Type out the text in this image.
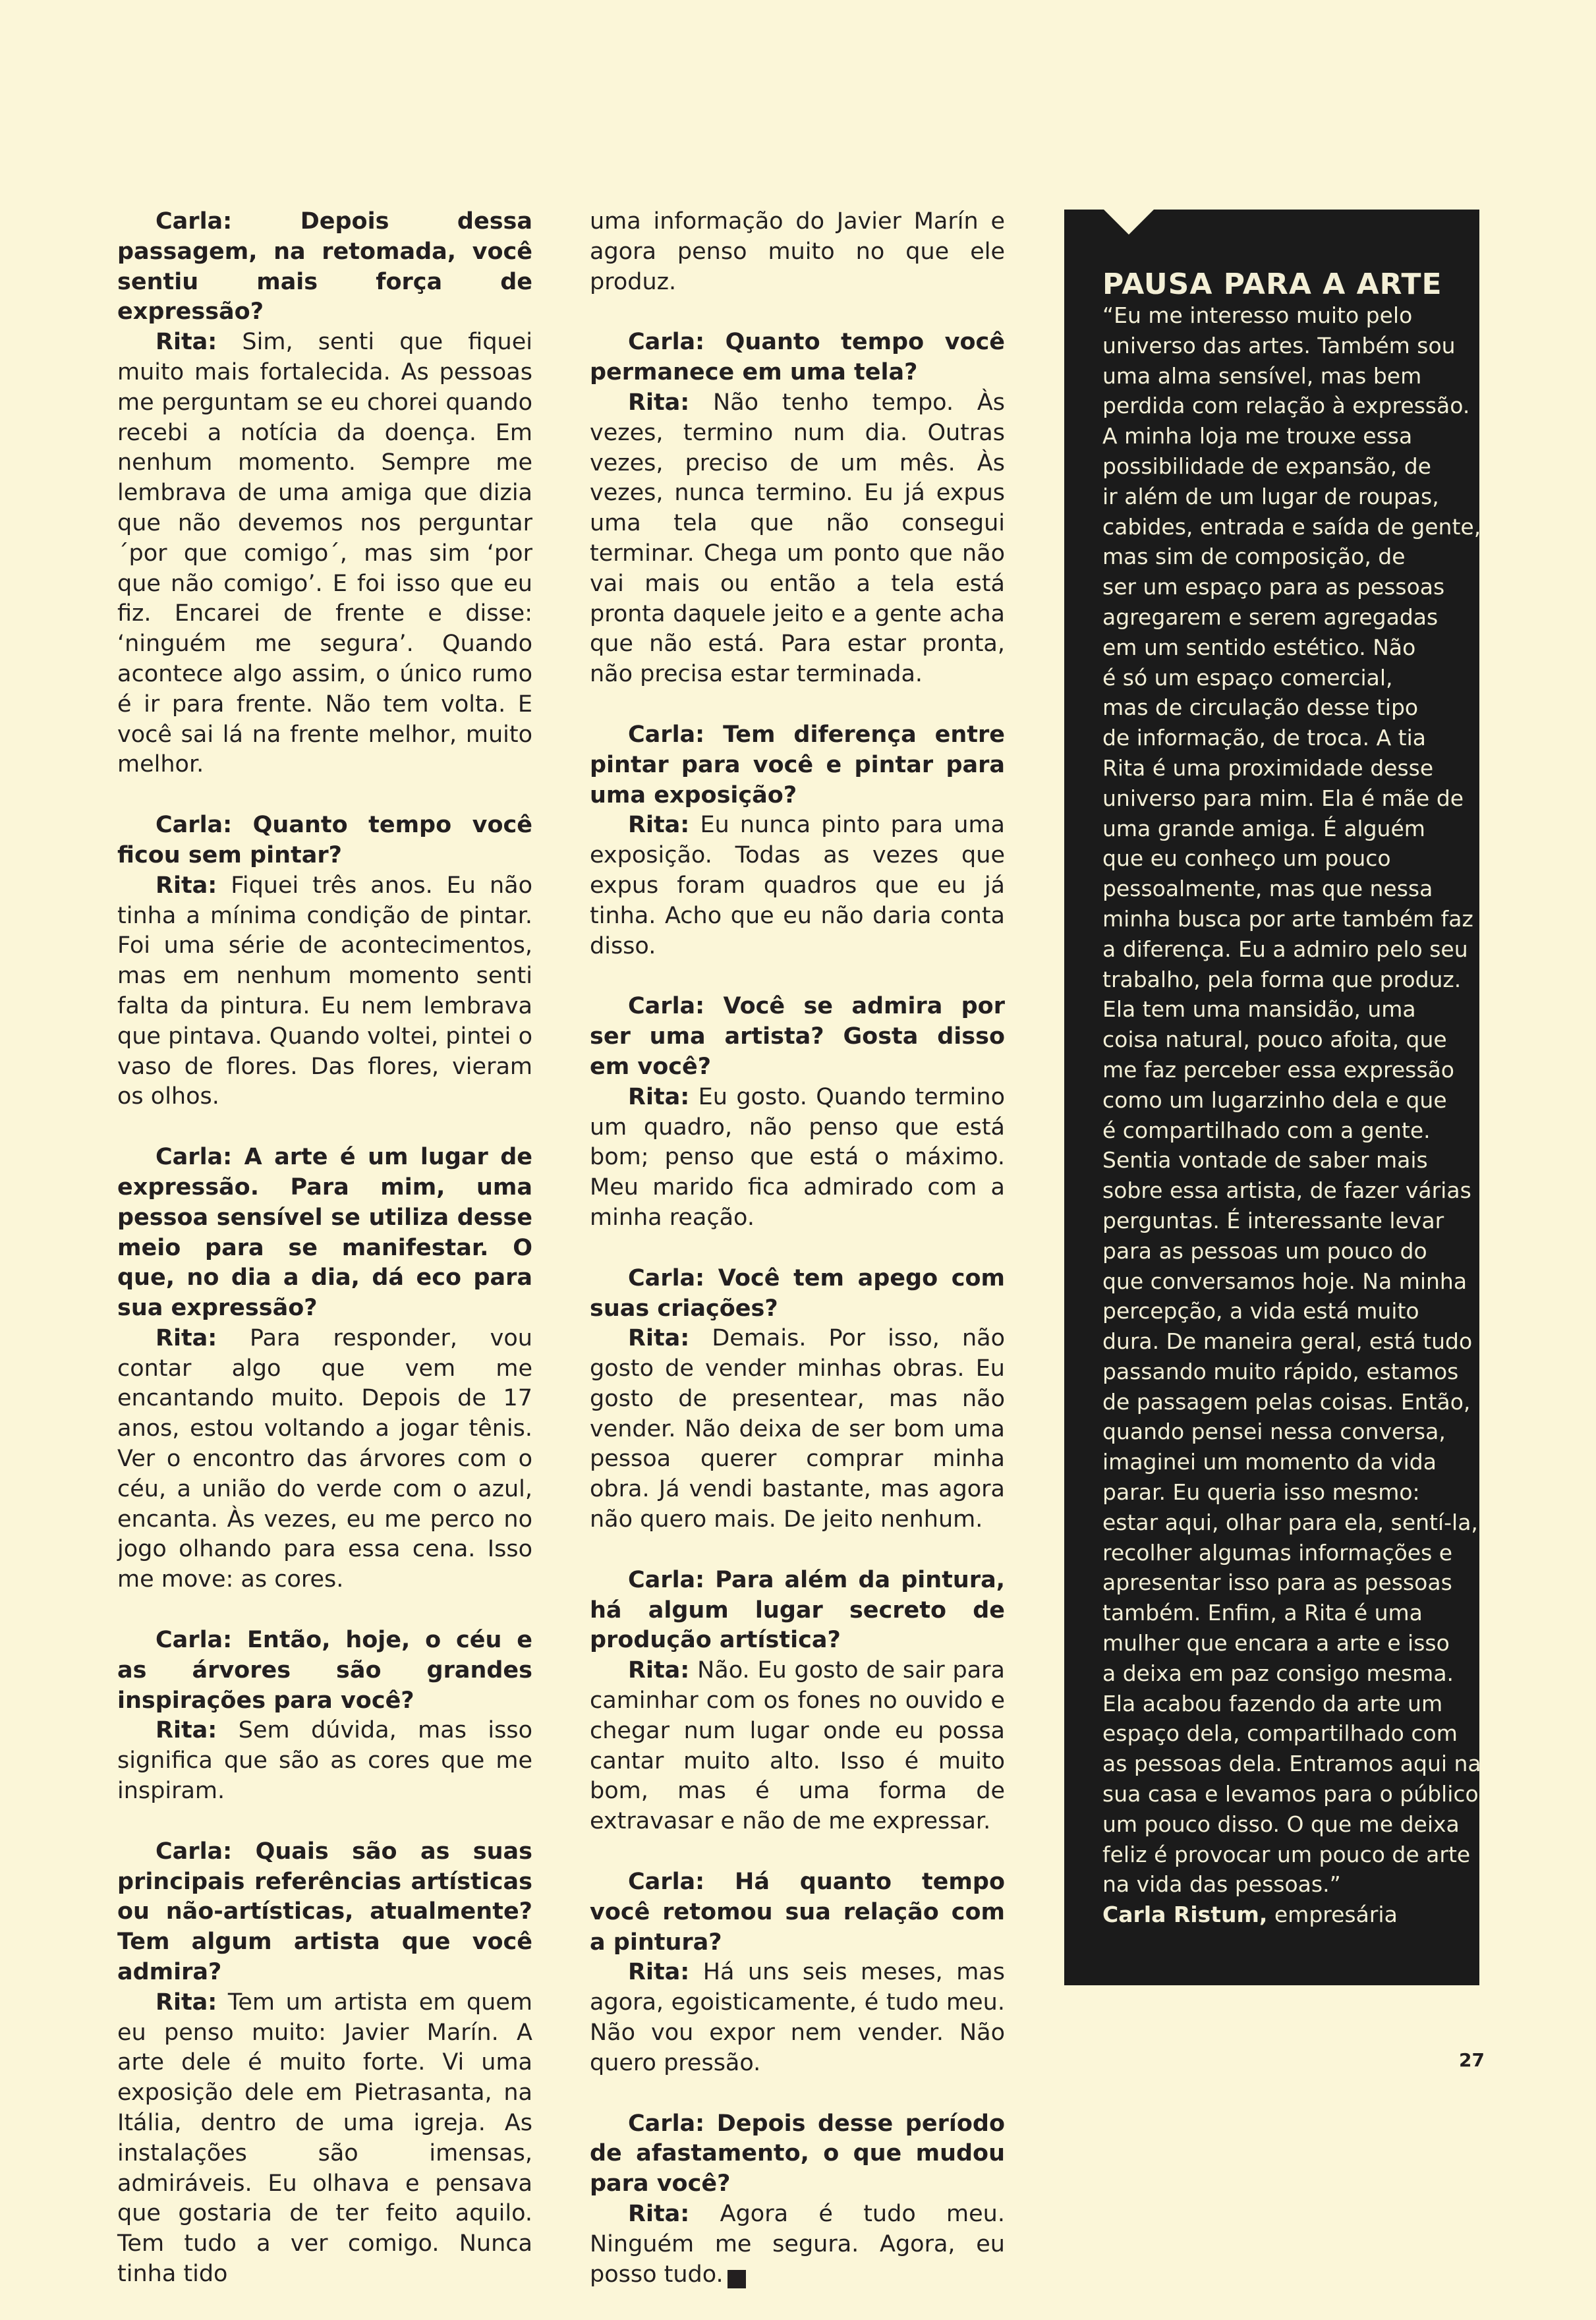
Carla: Depois dessa passagem, na retomada, você sentiu mais força de expressão?

Rita: Sim, senti que fiquei muito mais fortalecida. As pessoas me perguntam se eu chorei quando recebi a notícia da doença. Em nenhum momento. Sempre me lembrava de uma amiga que dizia que não devemos nos perguntar ´por que comigo´, mas sim ‘por que não comigo’. E foi isso que eu fiz. Encarei de frente e disse: ‘ninguém me segura’. Quando acontece algo assim, o único rumo é ir para frente. Não tem volta. E você sai lá na frente melhor, muito melhor.

Carla: Quanto tempo você ficou sem pintar?

Rita: Fiquei três anos. Eu não tinha a mínima condição de pintar. Foi uma série de acontecimentos, mas em nenhum momento senti falta da pintura. Eu nem lembrava que pintava. Quando voltei, pintei o vaso de flores. Das flores, vieram os olhos.

Carla: A arte é um lugar de expressão. Para mim, uma pessoa sensível se utiliza desse meio para se manifestar. O que, no dia a dia, dá eco para sua expressão?

Rita: Para responder, vou contar algo que vem me encantando muito. Depois de 17 anos, estou voltando a jogar tênis. Ver o encontro das árvores com o céu, a união do verde com o azul, encanta. Às vezes, eu me perco no jogo olhando para essa cena. Isso me move: as cores.

Carla: Então, hoje, o céu e as árvores são grandes inspirações para você?

Rita: Sem dúvida, mas isso significa que são as cores que me inspiram.

Carla: Quais são as suas principais referências artísticas ou não-artísticas, atualmente? Tem algum artista que você admira?

Rita: Tem um artista em quem eu penso muito: Javier Marín. A arte dele é muito forte. Vi uma exposição dele em Pietrasanta, na Itália, dentro de uma igreja. As instalações são imensas, admiráveis. Eu olhava e pensava que gostaria de ter feito aquilo. Tem tudo a ver comigo. Nunca tinha tido

uma informação do Javier Marín e agora penso muito no que ele produz.

Carla: Quanto tempo você permanece em uma tela?

Rita: Não tenho tempo. Às vezes, termino num dia. Outras vezes, preciso de um mês. Às vezes, nunca termino. Eu já expus uma tela que não consegui terminar. Chega um ponto que não vai mais ou então a tela está pronta daquele jeito e a gente acha que não está. Para estar pronta, não precisa estar terminada.

Carla: Tem diferença entre pintar para você e pintar para uma exposição?

Rita: Eu nunca pinto para uma exposição. Todas as vezes que expus foram quadros que eu já tinha. Acho que eu não daria conta disso.

Carla: Você se admira por ser uma artista? Gosta disso em você?

Rita: Eu gosto. Quando termino um quadro, não penso que está bom; penso que está o máximo. Meu marido fica admirado com a minha reação.

Carla: Você tem apego com suas criações?

Rita: Demais. Por isso, não gosto de vender minhas obras. Eu gosto de presentear, mas não vender. Não deixa de ser bom uma pessoa querer comprar minha obra. Já vendi bastante, mas agora não quero mais. De jeito nenhum.

Carla: Para além da pintura, há algum lugar secreto de produção artística?

Rita: Não. Eu gosto de sair para caminhar com os fones no ouvido e chegar num lugar onde eu possa cantar muito alto. Isso é muito bom, mas é uma forma de extravasar e não de me expressar.

Carla: Há quanto tempo você retomou sua relação com a pintura?

Rita: Há uns seis meses, mas agora, egoisticamente, é tudo meu. Não vou expor nem vender. Não quero pressão.

Carla: Depois desse período de afastamento, o que mudou para você?

Rita: Agora é tudo meu. Ninguém me segura. Agora, eu posso tudo.	r

PAUSA PARA A ARTE

“Eu me interesso muito pelo
universo das artes. Também sou
uma alma sensível, mas bem
perdida com relação à expressão.
A minha loja me trouxe essa
possibilidade de expansão, de
ir além de um lugar de roupas,
cabides, entrada e saída de gente,
mas sim de composição, de
ser um espaço para as pessoas
agregarem e serem agregadas
em um sentido estético. Não
é só um espaço comercial,
mas de circulação desse tipo
de informação, de troca. A tia
Rita é uma proximidade desse
universo para mim. Ela é mãe de
uma grande amiga. É alguém
que eu conheço um pouco
pessoalmente, mas que nessa
minha busca por arte também faz
a diferença. Eu a admiro pelo seu
trabalho, pela forma que produz.
Ela tem uma mansidão, uma
coisa natural, pouco afoita, que
me faz perceber essa expressão
como um lugarzinho dela e que
é compartilhado com a gente.
Sentia vontade de saber mais
sobre essa artista, de fazer várias
perguntas. É interessante levar
para as pessoas um pouco do
que conversamos hoje. Na minha
percepção, a vida está muito
dura. De maneira geral, está tudo
passando muito rápido, estamos
de passagem pelas coisas. Então,
quando pensei nessa conversa,
imaginei um momento da vida
parar. Eu queria isso mesmo:
estar aqui, olhar para ela, sentí-la,
recolher algumas informações e
apresentar isso para as pessoas
também. Enfim, a Rita é uma
mulher que encara a arte e isso
a deixa em paz consigo mesma.
Ela acabou fazendo da arte um
espaço dela, compartilhado com
as pessoas dela. Entramos aqui na
sua casa e levamos para o público
um pouco disso. O que me deixa
feliz é provocar um pouco de arte
na vida das pessoas.”
Carla Ristum, empresária

27
